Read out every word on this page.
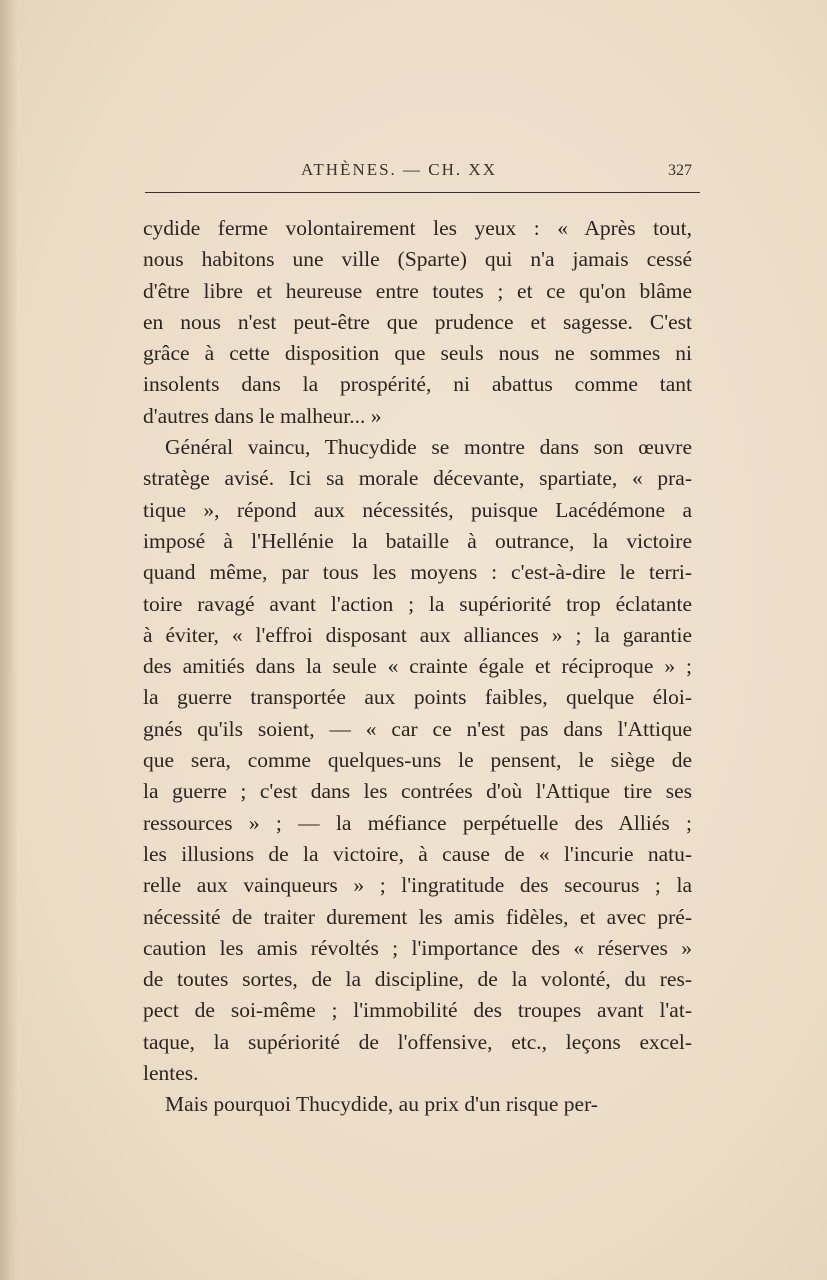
ATHÈNES. — CH. XX	327
cydide ferme volontairement les yeux : « Après tout,
nous habitons une ville (Sparte) qui n'a jamais cessé
d'être libre et heureuse entre toutes ; et ce qu'on blâme
en nous n'est peut-être que prudence et sagesse. C'est
grâce à cette disposition que seuls nous ne sommes ni
insolents dans la prospérité, ni abattus comme tant
d'autres dans le malheur... »
Général vaincu, Thucydide se montre dans son œuvre
stratège avisé. Ici sa morale décevante, spartiate, « pra-
tique », répond aux nécessités, puisque Lacédémone a
imposé à l'Hellénie la bataille à outrance, la victoire
quand même, par tous les moyens : c'est-à-dire le terri-
toire ravagé avant l'action ; la supériorité trop éclatante
à éviter, « l'effroi disposant aux alliances » ; la garantie
des amitiés dans la seule « crainte égale et réciproque » ;
la guerre transportée aux points faibles, quelque éloi-
gnés qu'ils soient, — « car ce n'est pas dans l'Attique
que sera, comme quelques-uns le pensent, le siège de
la guerre ; c'est dans les contrées d'où l'Attique tire ses
ressources » ; — la méfiance perpétuelle des Alliés ;
les illusions de la victoire, à cause de « l'incurie natu-
relle aux vainqueurs » ; l'ingratitude des secourus ; la
nécessité de traiter durement les amis fidèles, et avec pré-
caution les amis révoltés ; l'importance des « réserves »
de toutes sortes, de la discipline, de la volonté, du res-
pect de soi-même ; l'immobilité des troupes avant l'at-
taque, la supériorité de l'offensive, etc., leçons excel-
lentes.
Mais pourquoi Thucydide, au prix d'un risque per-
